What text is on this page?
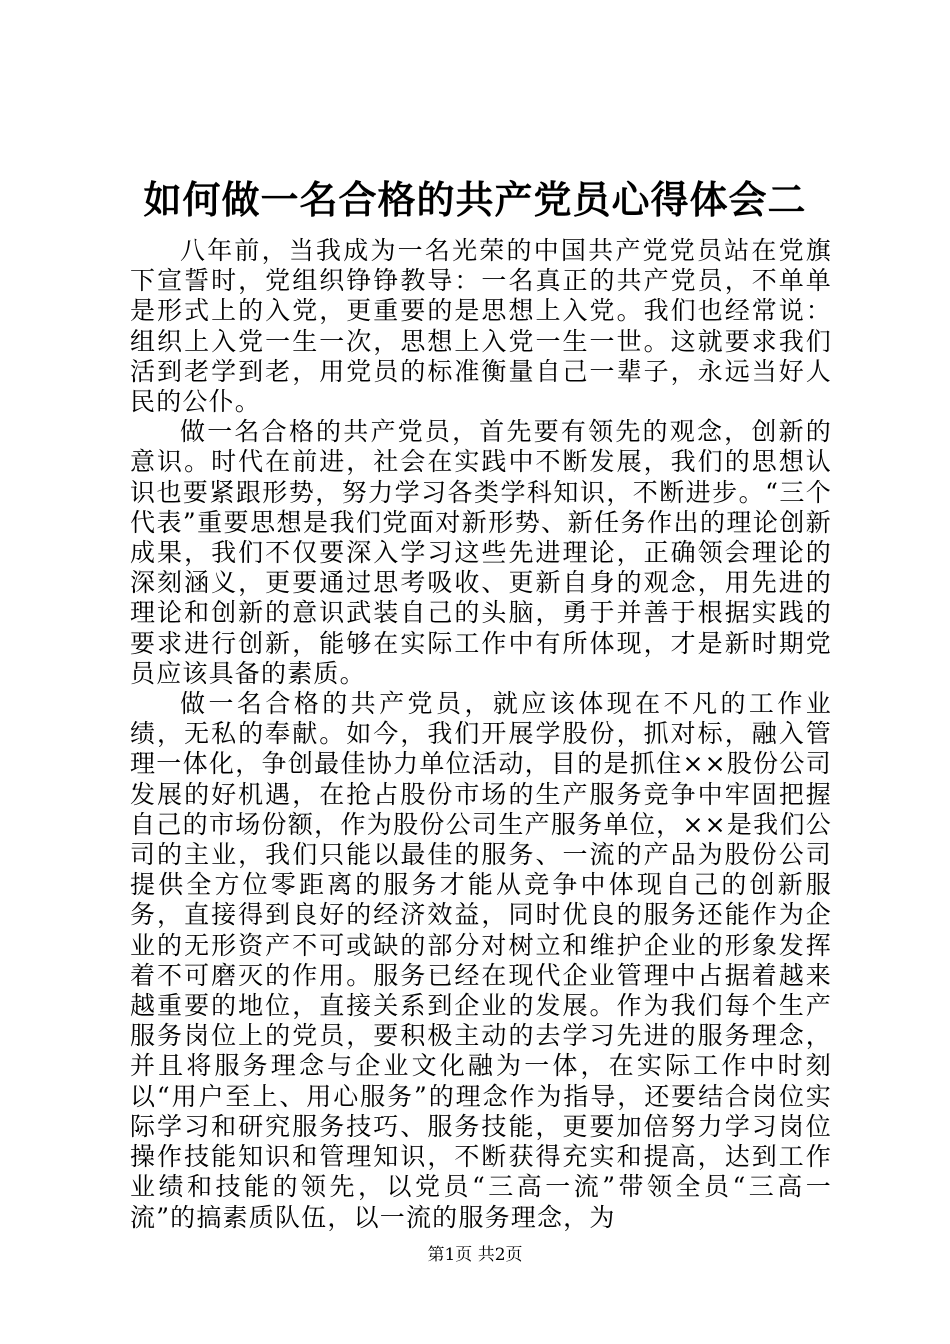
如何做一名合格的共产党员心得体会二

八年前，当我成为一名光荣的中国共产党党员站在党旗下宣誓时，党组织铮铮教导：一名真正的共产党员，不单单是形式上的入党，更重要的是思想上入党。我们也经常说：组织上入党一生一次，思想上入党一生一世。这就要求我们活到老学到老，用党员的标准衡量自己一辈子，永远当好人民的公仆。

做一名合格的共产党员，首先要有领先的观念，创新的意识。时代在前进，社会在实践中不断发展，我们的思想认识也要紧跟形势，努力学习各类学科知识，不断进步。“三个代表”重要思想是我们党面对新形势、新任务作出的理论创新成果，我们不仅要深入学习这些先进理论，正确领会理论的深刻涵义，更要通过思考吸收、更新自身的观念，用先进的理论和创新的意识武装自己的头脑，勇于并善于根据实践的要求进行创新，能够在实际工作中有所体现，才是新时期党员应该具备的素质。

做一名合格的共产党员，就应该体现在不凡的工作业绩，无私的奉献。如今，我们开展学股份，抓对标，融入管理一体化，争创最佳协力单位活动，目的是抓住××股份公司发展的好机遇，在抢占股份市场的生产服务竞争中牢固把握自己的市场份额，作为股份公司生产服务单位，××是我们公司的主业，我们只能以最佳的服务、一流的产品为股份公司提供全方位零距离的服务才能从竞争中体现自己的创新服务，直接得到良好的经济效益，同时优良的服务还能作为企业的无形资产不可或缺的部分对树立和维护企业的形象发挥着不可磨灭的作用。服务已经在现代企业管理中占据着越来越重要的地位，直接关系到企业的发展。作为我们每个生产服务岗位上的党员，要积极主动的去学习先进的服务理念，并且将服务理念与企业文化融为一体，在实际工作中时刻以“用户至上、用心服务”的理念作为指导，还要结合岗位实际学习和研究服务技巧、服务技能，更要加倍努力学习岗位操作技能知识和管理知识，不断获得充实和提高，达到工作业绩和技能的领先，以党员“三高一流”带领全员“三高一流”的搞素质队伍，以一流的服务理念，为

第1页 共2页
